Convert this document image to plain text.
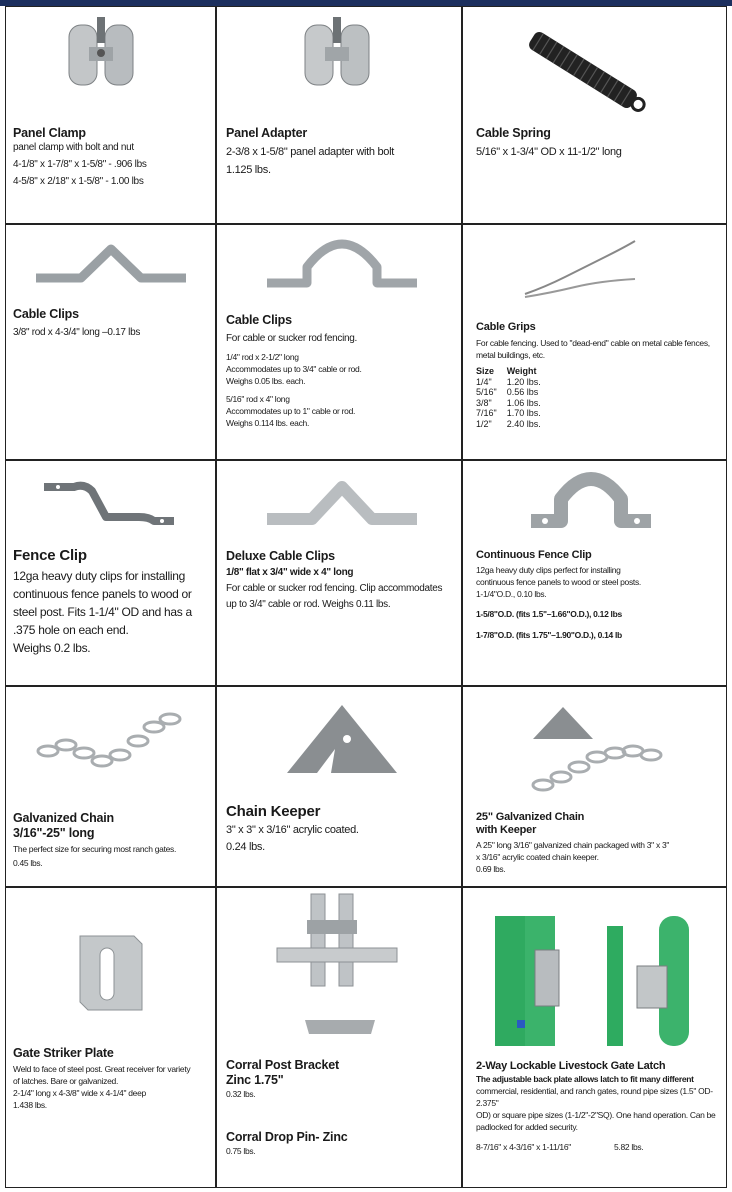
Panel Clamp
panel clamp with bolt and nut
4-1/8" x 1-7/8" x 1-5/8" - .906 lbs
4-5/8" x 2/18" x 1-5/8" - 1.00 lbs
Panel Adapter
2-3/8 x 1-5/8" panel adapter with bolt
1.125 lbs.
Cable Spring
5/16" x 1-3/4" OD x 11-1/2" long
Cable Clips
3/8" rod x 4-3/4" long –0.17 lbs
Cable Clips
For cable or sucker rod fencing.
1/4" rod x 2-1/2" long
Accommodates up to 3/4" cable or rod.
Weighs 0.05 lbs. each.
5/16" rod x 4" long
Accommodates up to 1" cable or rod.
Weighs 0.114 lbs. each.
Cable Grips
For cable fencing. Used to "dead-end" cable on metal cable fences, metal buildings, etc.
Size	Weight
1/4"	1.20 lbs.
5/16"	0.56 lbs
3/8"	1.06 lbs.
7/16"	1.70 lbs.
1/2"	2.40 lbs.
Fence Clip
12ga heavy duty clips for installing
continuous fence panels to wood or
steel post. Fits 1-1/4" OD and has a
.375 hole on each end.
Weighs 0.2 lbs.
Deluxe Cable Clips
1/8" flat x 3/4" wide x 4" long
For cable or sucker rod fencing. Clip accommodates
up to 3/4" cable or rod. Weighs 0.11 lbs.
Continuous Fence Clip
12ga heavy duty clips perfect for installing
continuous fence panels to wood or steel posts.
1-1/4"O.D., 0.10 lbs.
1-5/8"O.D. (fits 1.5"–1.66"O.D.), 0.12 lbs
1-7/8"O.D. (fits 1.75"–1.90"O.D.), 0.14 lb
Galvanized Chain
3/16"-25" long
The perfect size for securing most ranch gates.
0.45 lbs.
Chain Keeper
3" x 3" x 3/16" acrylic coated.
0.24 lbs.
25" Galvanized Chain
with Keeper
A 25" long 3/16" galvanized chain packaged with 3" x 3"
x 3/16" acrylic coated chain keeper.
0.69 lbs.
Gate Striker Plate
Weld to face of steel post. Great receiver for variety
of latches. Bare or galvanized.
2-1/4" long x 4-3/8" wide x 4-1/4" deep
1.438 lbs.
Corral Post Bracket
Zinc 1.75"
0.32 lbs.
Corral Drop Pin- Zinc
0.75 lbs.
2-Way Lockable Livestock Gate Latch
The adjustable back plate allows latch to fit many different
commercial, residential, and ranch gates, round pipe sizes (1.5" OD-2.375"
OD) or square pipe sizes (1-1/2"-2"SQ). One hand operation. Can be
padlocked for added security.
8-7/16" x 4-3/16" x 1-11/16"	5.82 lbs.
